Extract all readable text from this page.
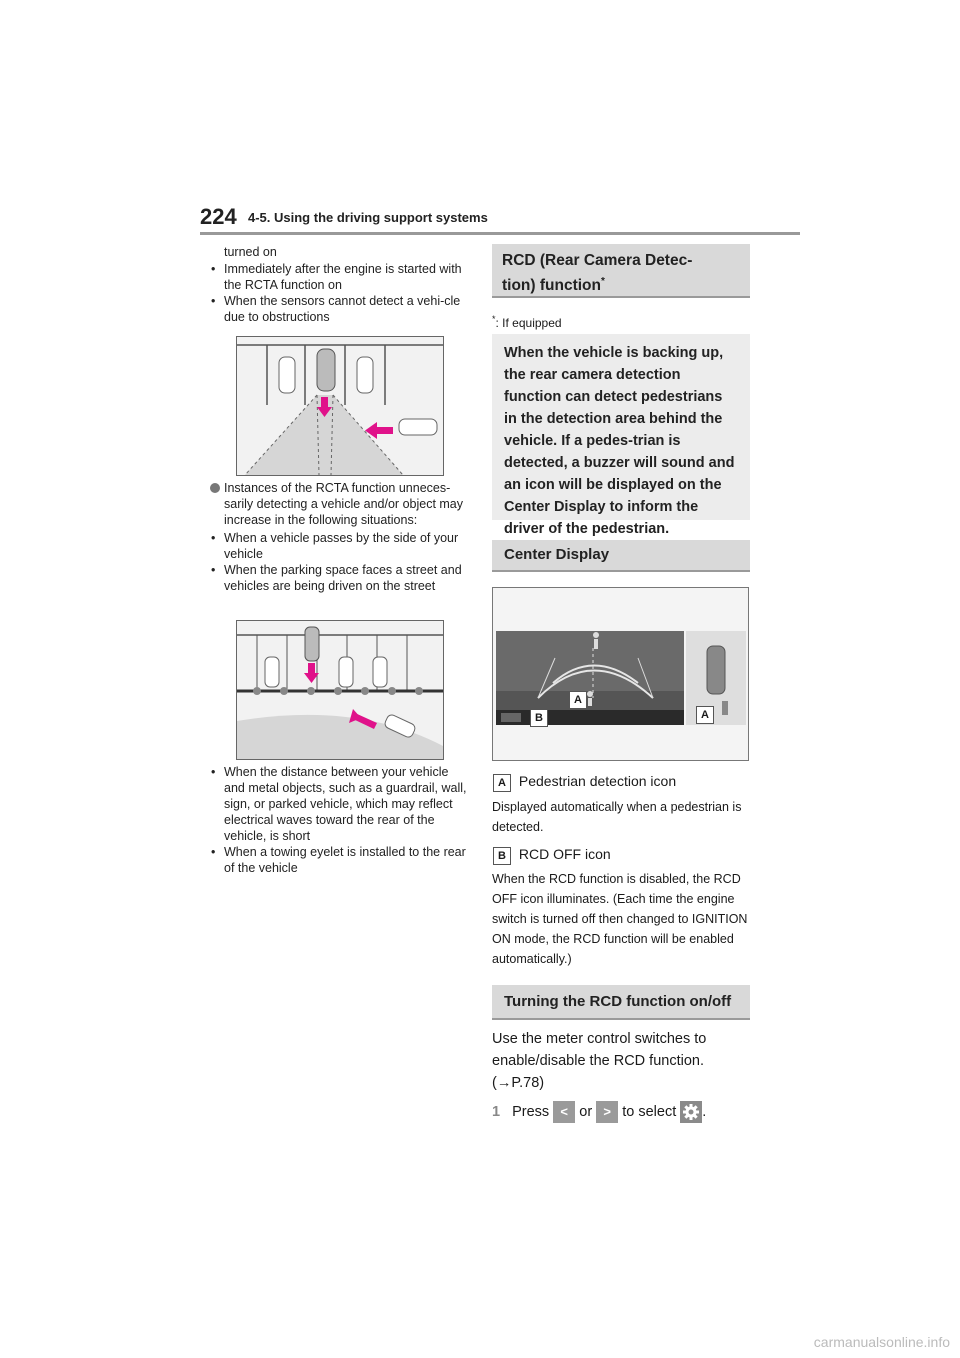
224 4-5. Using the driving support systems
turned on
• Immediately after the engine is started with the RCTA function on
• When the sensors cannot detect a vehi-cle due to obstructions
Instances of the RCTA function unneces-sarily detecting a vehicle and/or object may increase in the following situations:
• When a vehicle passes by the side of your vehicle
• When the parking space faces a street and vehicles are being driven on the street
• When the distance between your vehicle and metal objects, such as a guardrail, wall, sign, or parked vehicle, which may reflect electrical waves toward the rear of the vehicle, is short
• When a towing eyelet is installed to the rear of the vehicle
RCD (Rear Camera Detec-
tion) function*
*: If equipped
When the vehicle is backing up, the rear camera detection function can detect pedestrians in the detection area behind the vehicle. If a pedes-trian is detected, a buzzer will sound and an icon will be displayed on the Center Display to inform the driver of the pedestrian.
Center Display
A
B	A
A Pedestrian detection icon
Displayed automatically when a pedestrian is detected.
B RCD OFF icon
When the RCD function is disabled, the RCD OFF icon illuminates. (Each time the engine switch is turned off then changed to IGNITION ON mode, the RCD function will be enabled automatically.)
Turning the RCD function on/off
Use the meter control switches to enable/disable the RCD function.
(→P.78)
1 Press < or > to select .
carmanualsonline.info
